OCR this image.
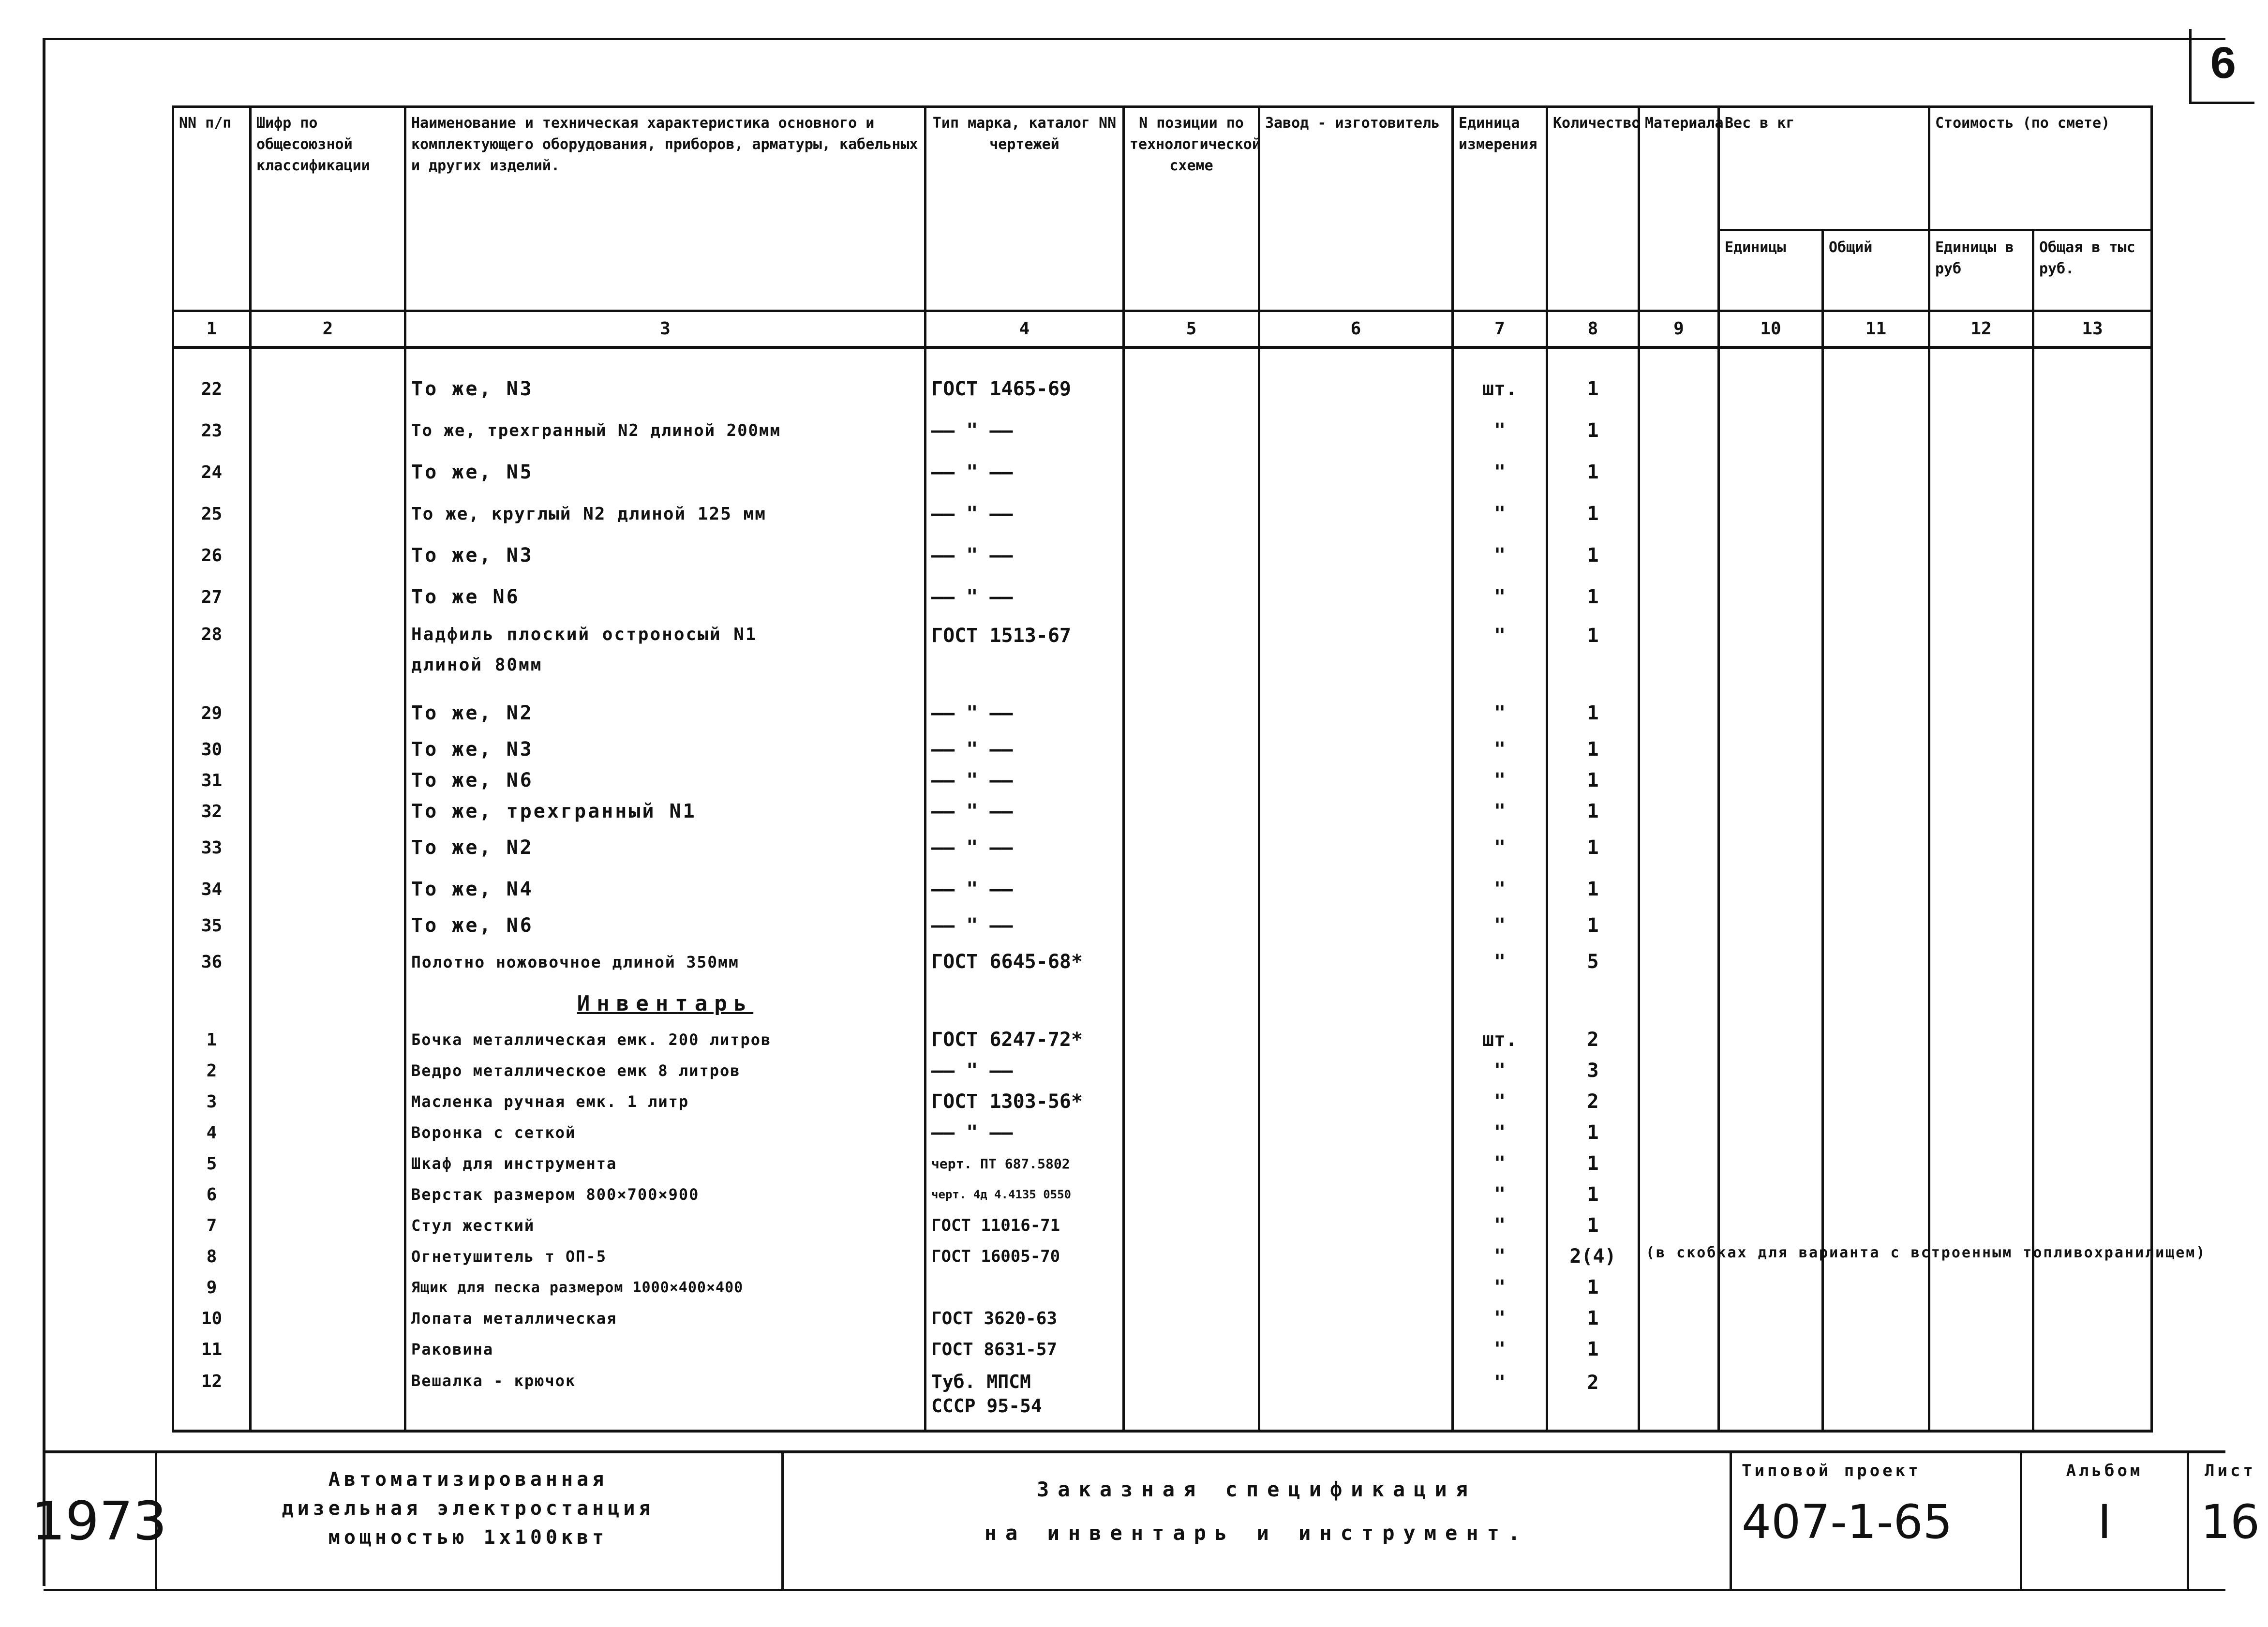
6
NN п/п	Шифр по общесоюзной классификации	Наименование и техническая характеристика основного и комплектующего оборудования, приборов, арматуры, кабельных и других изделий.	Тип марка, каталог NN чертежей	N позиции по технологической схеме	Завод - изготовитель	Единица измерения	Количество	Материала	Вес в кг		Стоимость (по смете)	
									Единицы	Общий	Единицы в руб	Общая в тыс руб.
1	2	3	4	5	6	7	8	9	10	11	12	13

22		То же, N3	ГОСТ 1465-69			шт.	1					
23		То же, трехгранный N2 длиной 200мм	—— " ——			"	1					
24		То же, N5	—— " ——			"	1					
25		То же, круглый N2 длиной 125 мм	—— " ——			"	1					
26		То же, N3	—— " ——			"	1					
27		То же N6	—— " ——			"	1					
28		Надфиль плоский остроносый N1
длиной 80мм	ГОСТ 1513-67			"	1					
29		То же, N2	—— " ——			"	1					
30		То же, N3	—— " ——			"	1					
31		То же, N6	—— " ——			"	1					
32		То же, трехгранный N1	—— " ——			"	1					
33		То же, N2	—— " ——			"	1					
34		То же, N4	—— " ——			"	1					
35		То же, N6	—— " ——			"	1					
36		Полотно ножовочное длиной 350мм	ГОСТ 6645-68*			"	5					
		Инвентарь										
1		Бочка металлическая емк. 200 литров	ГОСТ 6247-72*			шт.	2					
2		Ведро металлическое емк 8 литров	—— " ——			"	3					
3		Масленка ручная емк. 1 литр	ГОСТ 1303-56*			"	2					
4		Воронка с сеткой	—— " ——			"	1					
5		Шкаф для инструмента	черт. ПТ 687.5802			"	1					
6		Верстак размером 800×700×900	черт. 4д 4.4135 0550			"	1					
7		Стул жесткий	ГОСТ 11016-71			"	1					
8		Огнетушитель т ОП-5	ГОСТ 16005-70			"	2(4)	(в скобках для варианта с встроенным топливохранилищем)				

9		Ящик для песка размером 1000×400×400				"	1					
10		Лопата металлическая	ГОСТ 3620-63			"	1					
11		Раковина	ГОСТ 8631-57			"	1					
12		Вешалка - крючок	Туб. МПСМ
СССР 95-54			"	2					
1973
Автоматизированная
дизельная электростанция
мощностью 1х100квт
Заказная спецификация
на инвентарь и инструмент.
Типовой проект
407-1-65
Альбом
I
Лист
16
